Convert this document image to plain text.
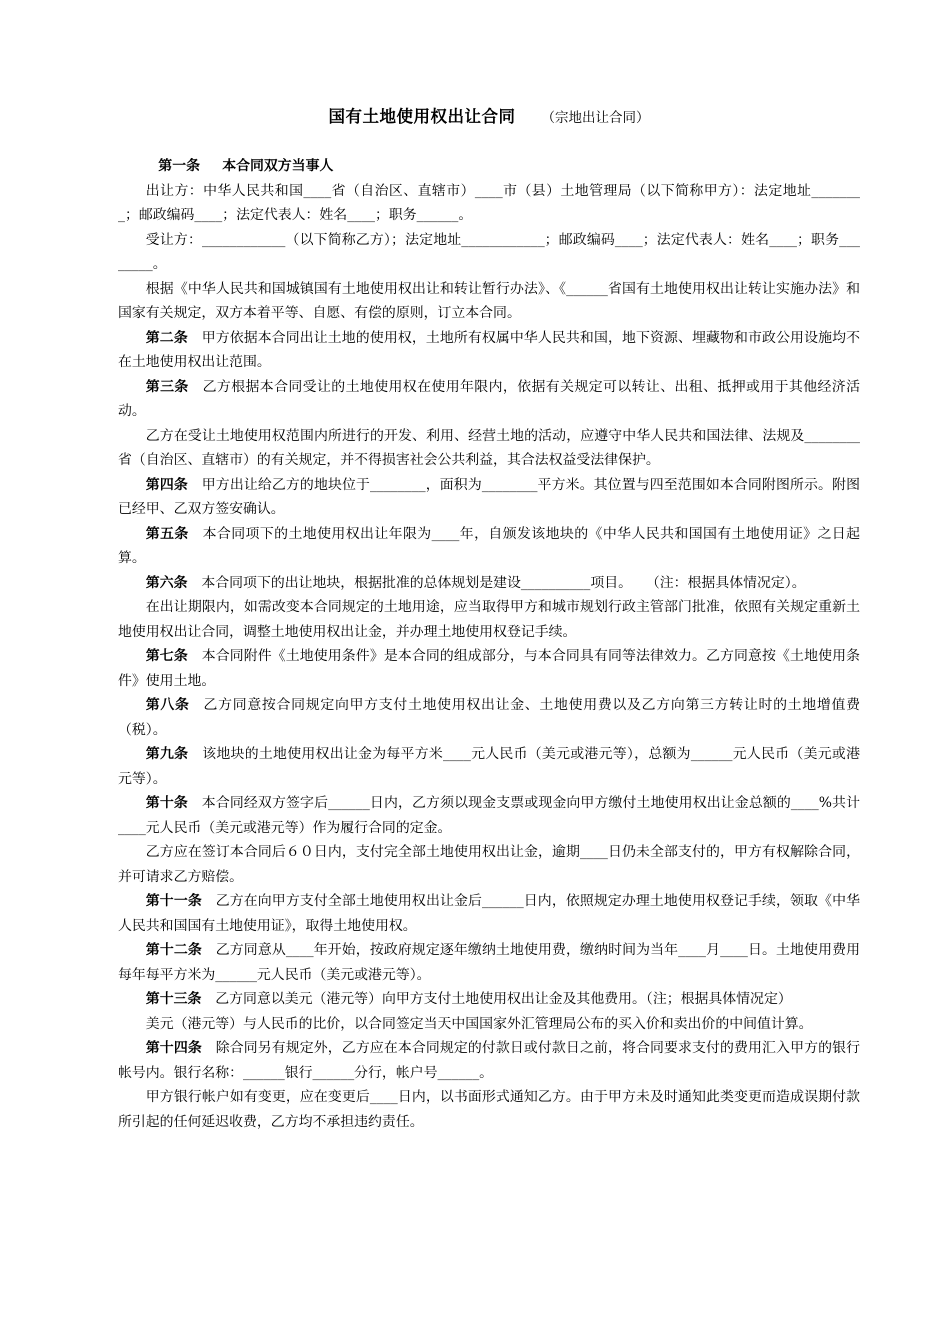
国有土地使用权出让合同 （宗地出让合同）

第一条 本合同双方当事人

出让方：中华人民共和国____省（自治区、直辖市）____市（县）土地管理局（以下简称甲方）：法定地址________；邮政编码____；法定代表人：姓名____；职务______。

受让方：____________（以下简称乙方）；法定地址____________；邮政编码____；法定代表人：姓名____；职务________。

根据《中华人民共和国城镇国有土地使用权出让和转让暂行办法》、《______省国有土地使用权出让转让实施办法》和国家有关规定，双方本着平等、自愿、有偿的原则，订立本合同。

第二条 甲方依据本合同出让土地的使用权，土地所有权属中华人民共和国，地下资源、埋藏物和市政公用设施均不在土地使用权出让范围。

第三条 乙方根据本合同受让的土地使用权在使用年限内，依据有关规定可以转让、出租、抵押或用于其他经济活动。

乙方在受让土地使用权范围内所进行的开发、利用、经营土地的活动，应遵守中华人民共和国法律、法规及________省（自治区、直辖市）的有关规定，并不得损害社会公共利益，其合法权益受法律保护。

第四条 甲方出让给乙方的地块位于________，面积为________平方米。其位置与四至范围如本合同附图所示。附图已经甲、乙双方签安确认。

第五条 本合同项下的土地使用权出让年限为____年，自颁发该地块的《中华人民共和国国有土地使用证》之日起算。

第六条 本合同项下的出让地块，根据批准的总体规划是建设__________项目。　　（注：根据具体情况定）。

在出让期限内，如需改变本合同规定的土地用途，应当取得甲方和城市规划行政主管部门批准，依照有关规定重新土地使用权出让合同，调整土地使用权出让金，并办理土地使用权登记手续。

第七条 本合同附件《土地使用条件》是本合同的组成部分，与本合同具有同等法律效力。乙方同意按《土地使用条件》使用土地。

第八条 乙方同意按合同规定向甲方支付土地使用权出让金、土地使用费以及乙方向第三方转让时的土地增值费（税）。

第九条 该地块的土地使用权出让金为每平方米____元人民币（美元或港元等），总额为______元人民币（美元或港元等）。

第十条 本合同经双方签字后______日内，乙方须以现金支票或现金向甲方缴付土地使用权出让金总额的____%共计____元人民币（美元或港元等）作为履行合同的定金。

乙方应在签订本合同后６０日内，支付完全部土地使用权出让金，逾期____日仍未全部支付的，甲方有权解除合同，并可请求乙方赔偿。

第十一条 乙方在向甲方支付全部土地使用权出让金后______日内，依照规定办理土地使用权登记手续，领取《中华人民共和国国有土地使用证》，取得土地使用权。

第十二条 乙方同意从____年开始，按政府规定逐年缴纳土地使用费，缴纳时间为当年____月____日。土地使用费用每年每平方米为______元人民币（美元或港元等）。

第十三条 乙方同意以美元（港元等）向甲方支付土地使用权出让金及其他费用。（注；根据具体情况定）

美元（港元等）与人民币的比价，以合同签定当天中国国家外汇管理局公布的买入价和卖出价的中间值计算。

第十四条 除合同另有规定外，乙方应在本合同规定的付款日或付款日之前，将合同要求支付的费用汇入甲方的银行帐号内。银行名称：______银行______分行，帐户号______。

甲方银行帐户如有变更，应在变更后____日内，以书面形式通知乙方。由于甲方未及时通知此类变更而造成误期付款所引起的任何延迟收费，乙方均不承担违约责任。
